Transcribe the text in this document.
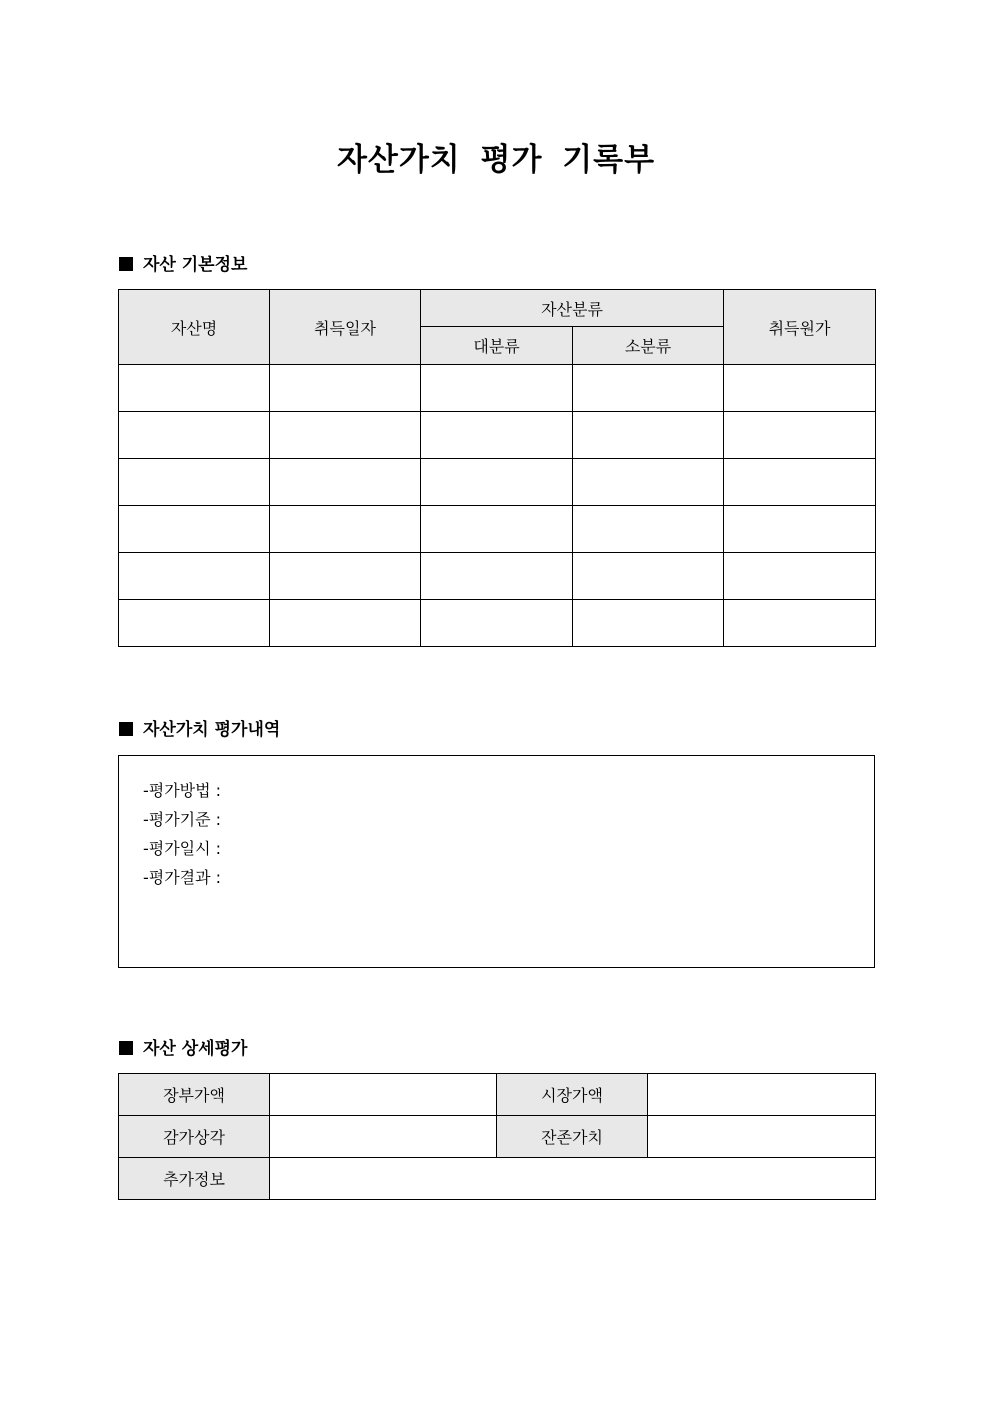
자산가치 평가 기록부
자산 기본정보
자산명	취득일자	자산분류		취득원가
		대분류	소분류	

자산가치 평가내역
-평가방법 :
-평가기준 :
-평가일시 :
-평가결과 :
자산 상세평가
장부가액		시장가액	
감가상각		잔존가치	
추가정보			
